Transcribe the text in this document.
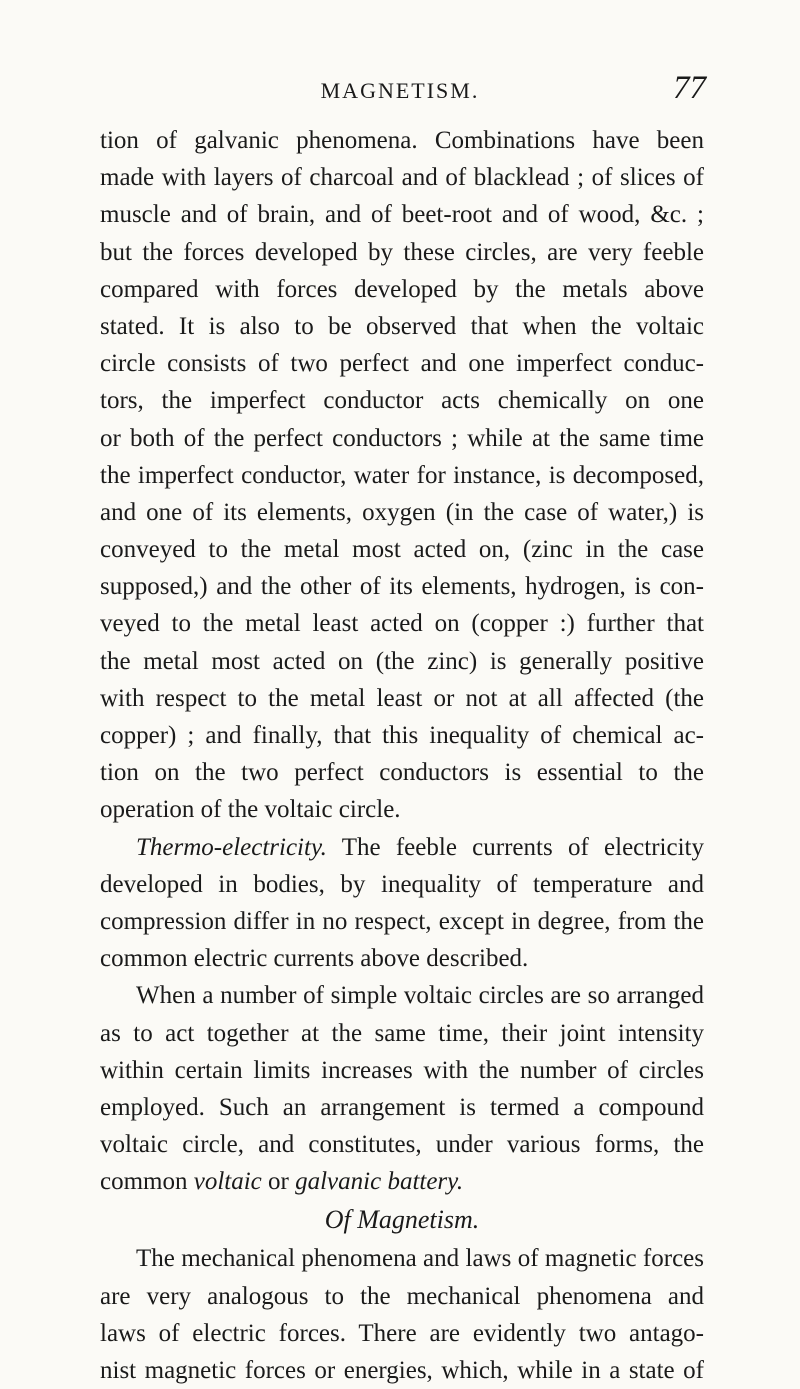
MAGNETISM.	77
tion of galvanic phenomena. Combinations have been
made with layers of charcoal and of blacklead ; of slices of
muscle and of brain, and of beet-root and of wood, &c. ;
but the forces developed by these circles, are very feeble
compared with forces developed by the metals above
stated. It is also to be observed that when the voltaic
circle consists of two perfect and one imperfect conduc-
tors, the imperfect conductor acts chemically on one
or both of the perfect conductors ; while at the same time
the imperfect conductor, water for instance, is decomposed,
and one of its elements, oxygen (in the case of water,) is
conveyed to the metal most acted on, (zinc in the case
supposed,) and the other of its elements, hydrogen, is con-
veyed to the metal least acted on (copper :) further that
the metal most acted on (the zinc) is generally positive
with respect to the metal least or not at all affected (the
copper) ; and finally, that this inequality of chemical ac-
tion on the two perfect conductors is essential to the
operation of the voltaic circle.
Thermo-electricity. The feeble currents of electricity
developed in bodies, by inequality of temperature and
compression differ in no respect, except in degree, from the
common electric currents above described.
When a number of simple voltaic circles are so arranged
as to act together at the same time, their joint intensity
within certain limits increases with the number of circles
employed. Such an arrangement is termed a compound
voltaic circle, and constitutes, under various forms, the
common voltaic or galvanic battery.
Of Magnetism.
The mechanical phenomena and laws of magnetic forces
are very analogous to the mechanical phenomena and
laws of electric forces. There are evidently two antago-
nist magnetic forces or energies, which, while in a state of
